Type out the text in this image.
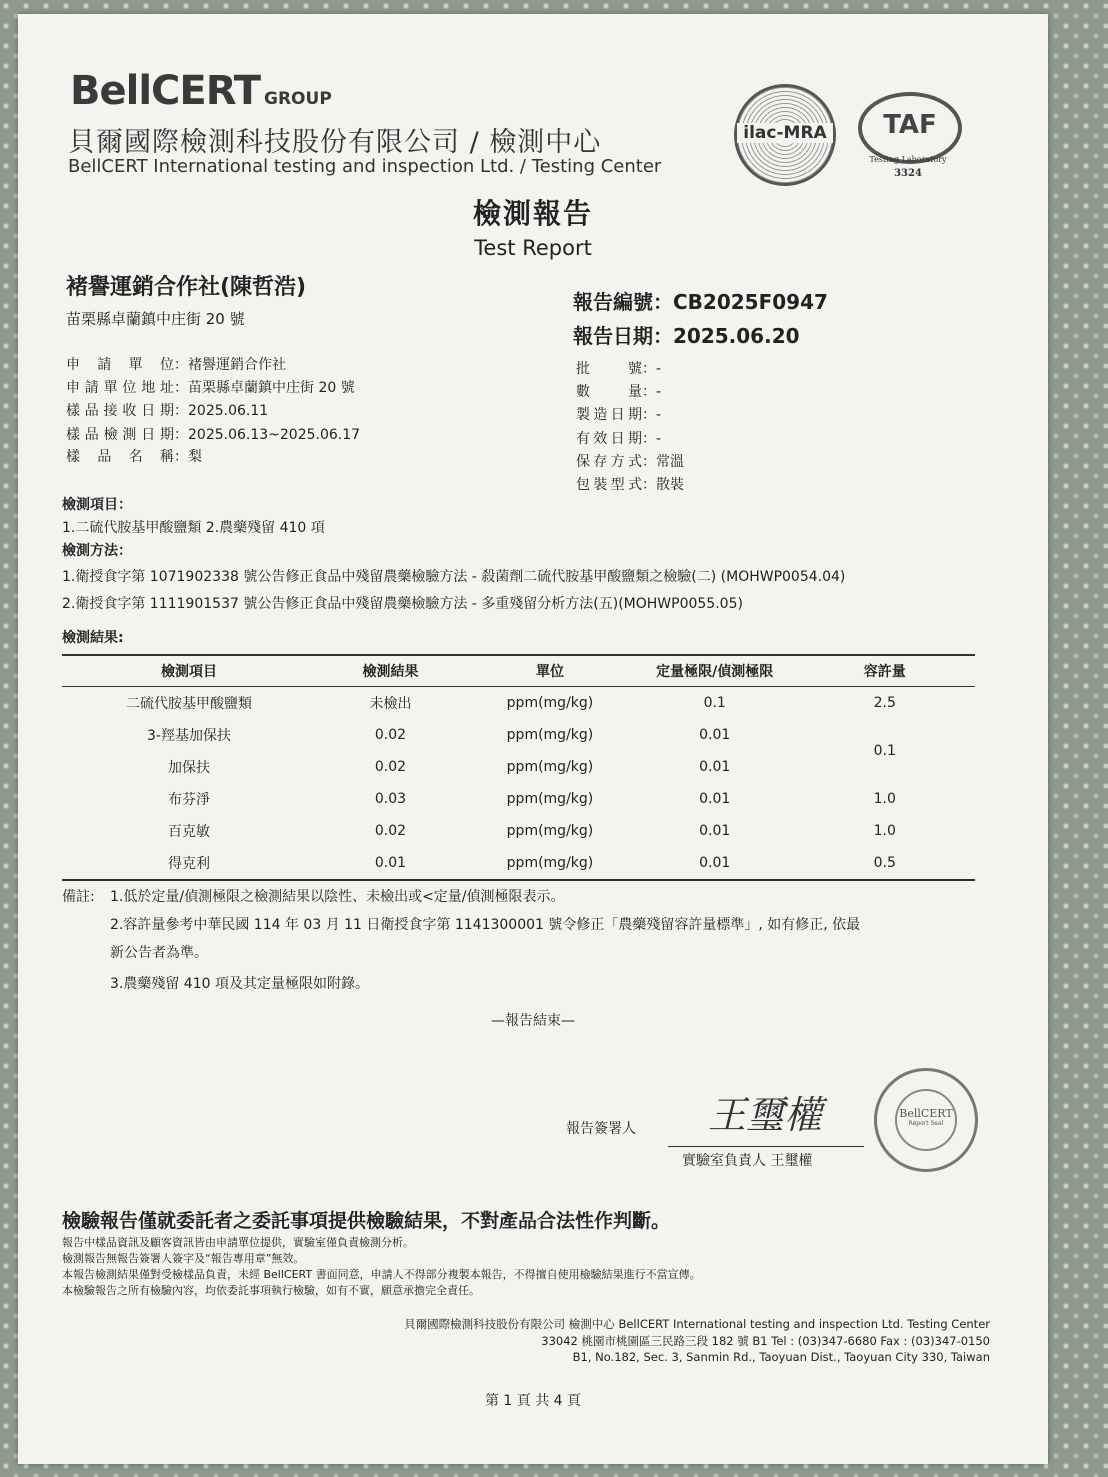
BellCERT GROUP
貝爾國際檢測科技股份有限公司 / 檢測中心
BellCERT International testing and inspection Ltd. / Testing Center
ilac-MRA	TAF
Testing Laboratory
3324
檢測報告
Test Report
褚譽運銷合作社(陳哲浩)
苗栗縣卓蘭鎮中庄街 20 號
報告編號：CB2025F0947
報告日期：2025.06.20
申請單位：褚譽運銷合作社
申請單位地址：苗栗縣卓蘭鎮中庄街 20 號
樣品接收日期：2025.06.11
樣品檢測日期：2025.06.13~2025.06.17
樣品名稱：梨
批號：-
數量：-
製造日期：-
有效日期：-
保存方式：常溫
包裝型式：散裝
檢測項目：
1.二硫代胺基甲酸鹽類 2.農藥殘留 410 項
檢測方法：
1.衛授食字第 1071902338 號公告修正食品中殘留農藥檢驗方法 - 殺菌劑二硫代胺基甲酸鹽類之檢驗(二) (MOHWP0054.04)
2.衛授食字第 1111901537 號公告修正食品中殘留農藥檢驗方法 - 多重殘留分析方法(五)(MOHWP0055.05)
檢測結果:
檢測項目	檢測結果	單位	定量極限/偵測極限	容許量
二硫代胺基甲酸鹽類	未檢出	ppm(mg/kg)	0.1	2.5
3-羥基加保扶	0.02	ppm(mg/kg)	0.01	0.1
加保扶	0.02	ppm(mg/kg)	0.01	
布芬淨	0.03	ppm(mg/kg)	0.01	1.0
百克敏	0.02	ppm(mg/kg)	0.01	1.0
得克利	0.01	ppm(mg/kg)	0.01	0.5
備註: 1.低於定量/偵測極限之檢測結果以陰性、未檢出或<定量/偵測極限表示。
2.容許量參考中華民國 114 年 03 月 11 日衛授食字第 1141300001 號令修正「農藥殘留容許量標準」, 如有修正, 依最
新公告者為準。
3.農藥殘留 410 項及其定量極限如附錄。
—報告結束—
報告簽署人 王璽權
實驗室負責人 王璽權
BellCERT
Report Seal
檢驗報告僅就委託者之委託事項提供檢驗結果，不對產品合法性作判斷。
報告中樣品資訊及顧客資訊皆由申請單位提供，實驗室僅負責檢測分析。
檢測報告無報告簽署人簽字及“報告專用章”無效。
本報告檢測結果僅對受檢樣品負責，未經 BellCERT 書面同意，申請人不得部分複製本報告，不得擅自使用檢驗結果進行不當宣傳。
本檢驗報告之所有檢驗內容，均依委託事項執行檢驗，如有不實，願意承擔完全責任。
貝爾國際檢測科技股份有限公司 檢測中心 BellCERT International testing and inspection Ltd. Testing Center
33042 桃園市桃園區三民路三段 182 號 B1 Tel : (03)347-6680 Fax : (03)347-0150
B1, No.182, Sec. 3, Sanmin Rd., Taoyuan Dist., Taoyuan City 330, Taiwan
第 1 頁 共 4 頁
